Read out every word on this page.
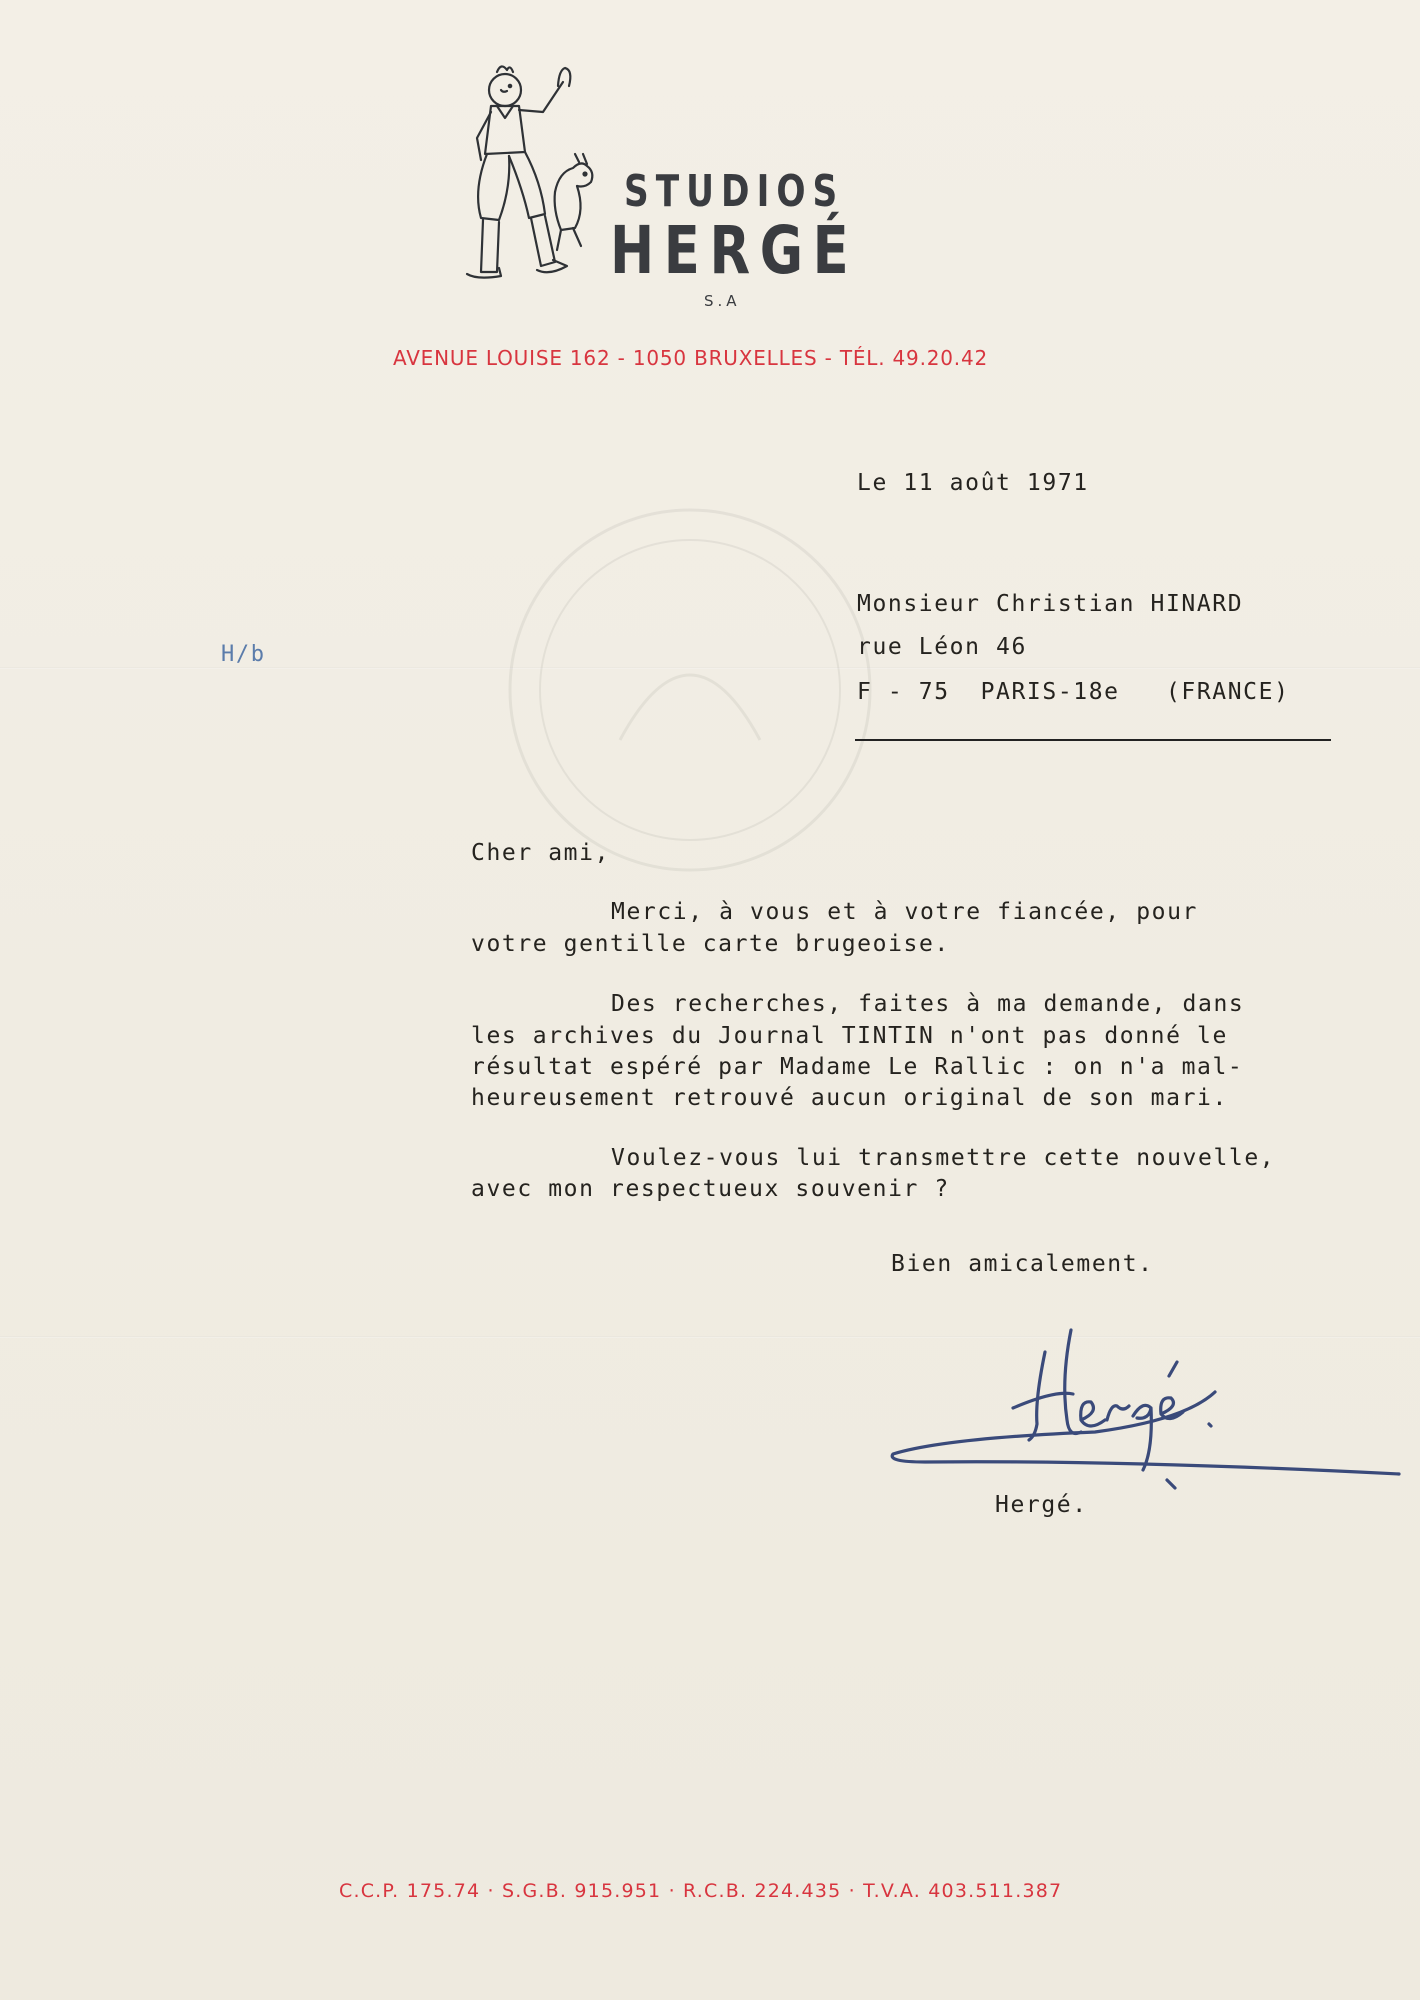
STUDIOS
HERGÉ
S.A
AVENUE LOUISE 162 - 1050 BRUXELLES - TÉL. 49.20.42
H/b
Le 11 août 1971
Monsieur Christian HINARD
rue Léon 46
F - 75  PARIS-18e   (FRANCE)
Cher ami,
Merci, à vous et à votre fiancée, pour
votre gentille carte brugeoise.
Des recherches, faites à ma demande, dans
les archives du Journal TINTIN n'ont pas donné le
résultat espéré par Madame Le Rallic : on n'a mal-
heureusement retrouvé aucun original de son mari.
Voulez-vous lui transmettre cette nouvelle,
avec mon respectueux souvenir ?
Bien amicalement.
Hergé.
C.C.P. 175.74 · S.G.B. 915.951 · R.C.B. 224.435 · T.V.A. 403.511.387
